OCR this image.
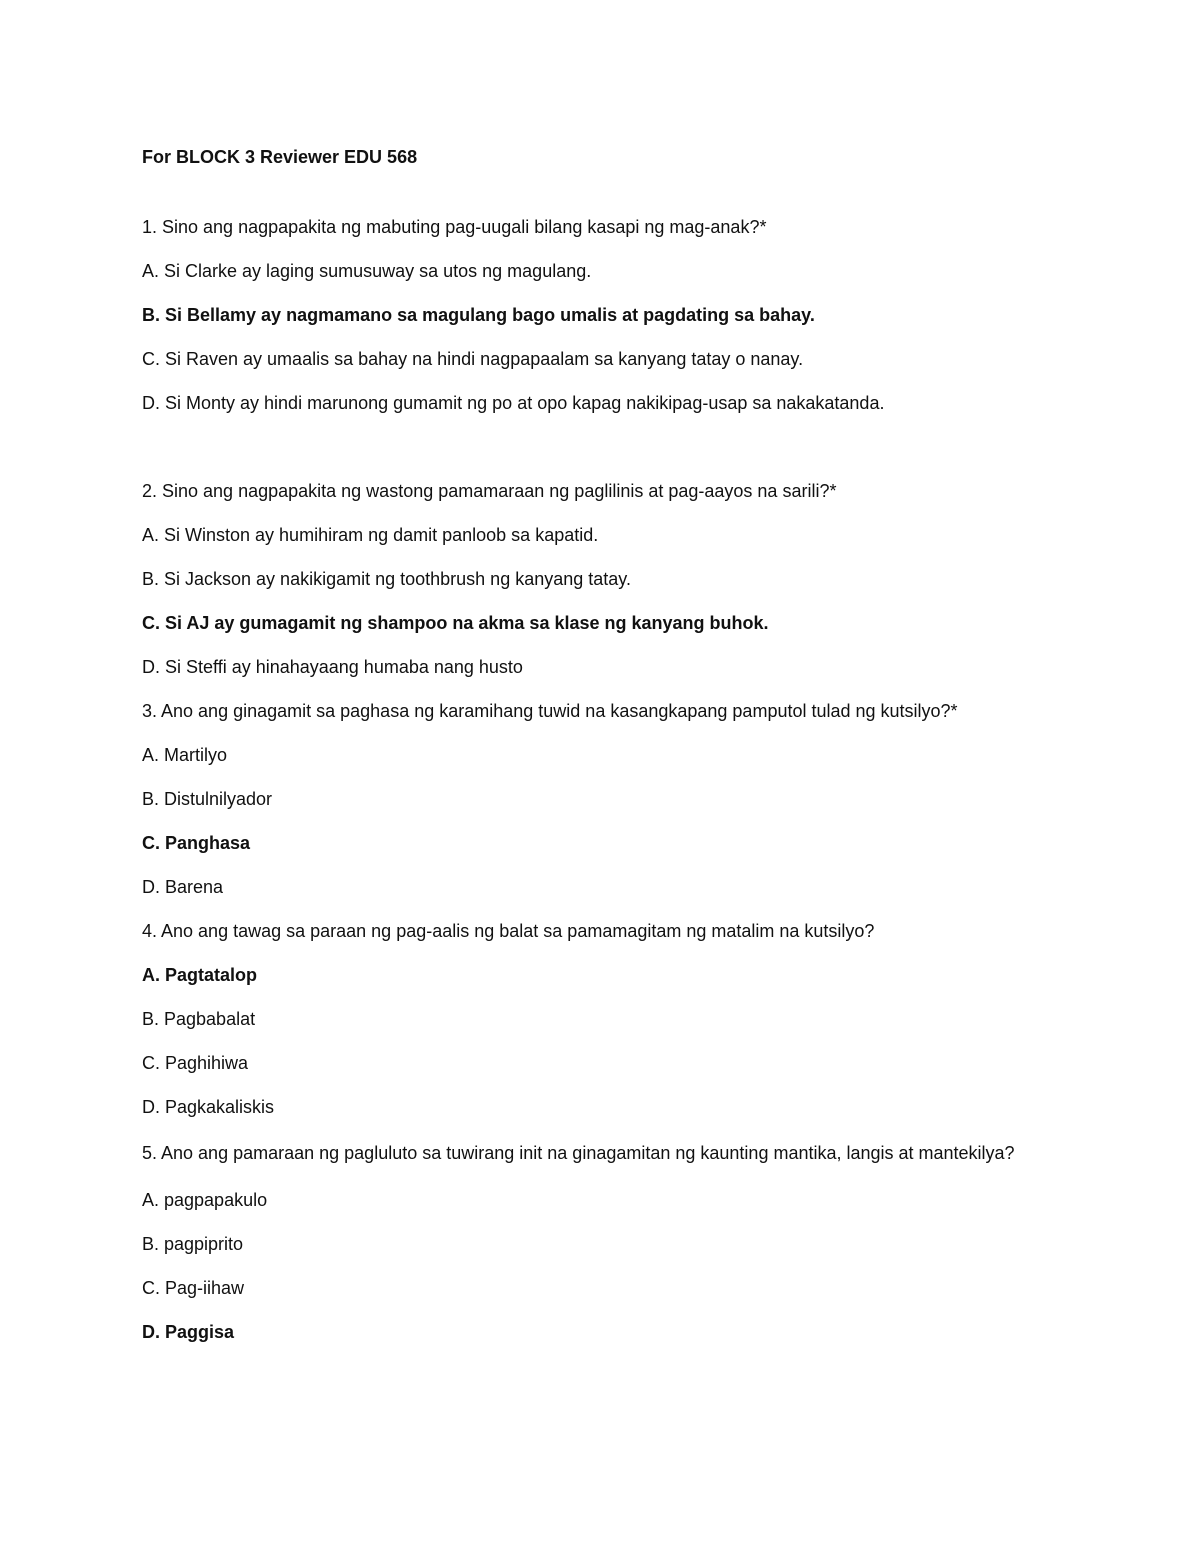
For BLOCK 3 Reviewer EDU 568
1. Sino ang nagpapakita ng mabuting pag-uugali bilang kasapi ng mag-anak?*
A. Si Clarke ay laging sumusuway sa utos ng magulang.
B. Si Bellamy ay nagmamano sa magulang bago umalis at pagdating sa bahay.
C. Si Raven ay umaalis sa bahay na hindi nagpapaalam sa kanyang tatay o nanay.
D. Si Monty ay hindi marunong gumamit ng po at opo kapag nakikipag-usap sa nakakatanda.
2. Sino ang nagpapakita ng wastong pamamaraan ng paglilinis at pag-aayos na sarili?*
A. Si Winston ay humihiram ng damit panloob sa kapatid.
B. Si Jackson ay nakikigamit ng toothbrush ng kanyang tatay.
C. Si AJ ay gumagamit ng shampoo na akma sa klase ng kanyang buhok.
D. Si Steffi ay hinahayaang humaba nang husto
3. Ano ang ginagamit sa paghasa ng karamihang tuwid na kasangkapang pamputol tulad ng kutsilyo?*
A. Martilyo
B. Distulnilyador
C. Panghasa
D. Barena
4. Ano ang tawag sa paraan ng pag-aalis ng balat sa pamamagitam ng matalim na kutsilyo?
A. Pagtatalop
B. Pagbabalat
C. Paghihiwa
D. Pagkakaliskis
5. Ano ang pamaraan ng pagluluto sa tuwirang init na ginagamitan ng kaunting mantika, langis at mantekilya?
A. pagpapakulo
B. pagpiprito
C. Pag-iihaw
D. Paggisa
